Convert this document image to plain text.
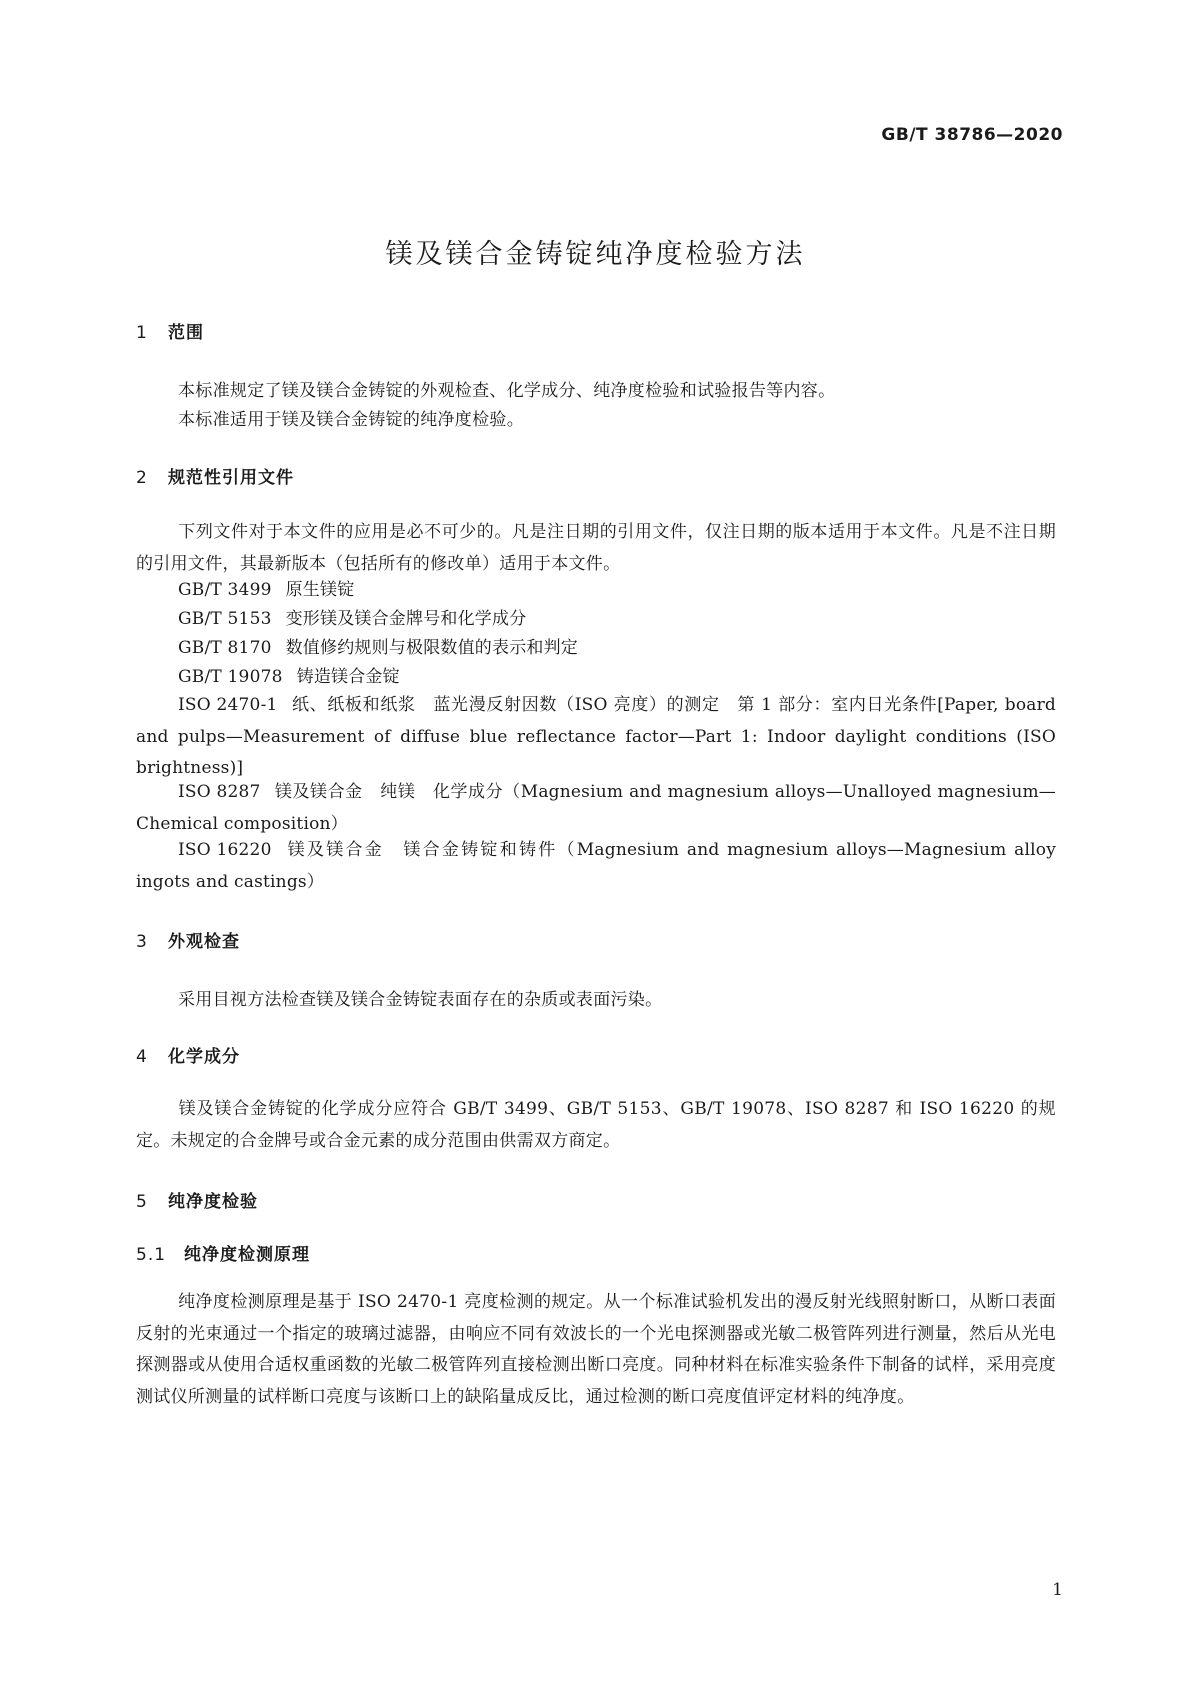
GB/T 38786—2020
镁及镁合金铸锭纯净度检验方法
1 范围
本标准规定了镁及镁合金铸锭的外观检查、化学成分、纯净度检验和试验报告等内容。
本标准适用于镁及镁合金铸锭的纯净度检验。
2 规范性引用文件
下列文件对于本文件的应用是必不可少的。凡是注日期的引用文件，仅注日期的版本适用于本文件。凡是不注日期的引用文件，其最新版本（包括所有的修改单）适用于本文件。
GB/T 3499 原生镁锭
GB/T 5153 变形镁及镁合金牌号和化学成分
GB/T 8170 数值修约规则与极限数值的表示和判定
GB/T 19078 铸造镁合金锭
ISO 2470-1 纸、纸板和纸浆　蓝光漫反射因数（ISO 亮度）的测定　第 1 部分：室内日光条件[Paper, board and pulps—Measurement of diffuse blue reflectance factor—Part 1: Indoor daylight conditions (ISO brightness)]
ISO 8287 镁及镁合金　纯镁　化学成分（Magnesium and magnesium alloys—Unalloyed magnesium—Chemical composition）
ISO 16220 镁及镁合金　镁合金铸锭和铸件（Magnesium and magnesium alloys—Magnesium alloy ingots and castings）
3 外观检查
采用目视方法检查镁及镁合金铸锭表面存在的杂质或表面污染。
4 化学成分
镁及镁合金铸锭的化学成分应符合 GB/T 3499、GB/T 5153、GB/T 19078、ISO 8287 和 ISO 16220 的规定。未规定的合金牌号或合金元素的成分范围由供需双方商定。
5 纯净度检验
5.1 纯净度检测原理
纯净度检测原理是基于 ISO 2470-1 亮度检测的规定。从一个标准试验机发出的漫反射光线照射断口，从断口表面反射的光束通过一个指定的玻璃过滤器，由响应不同有效波长的一个光电探测器或光敏二极管阵列进行测量，然后从光电探测器或从使用合适权重函数的光敏二极管阵列直接检测出断口亮度。同种材料在标准实验条件下制备的试样，采用亮度测试仪所测量的试样断口亮度与该断口上的缺陷量成反比，通过检测的断口亮度值评定材料的纯净度。
1
